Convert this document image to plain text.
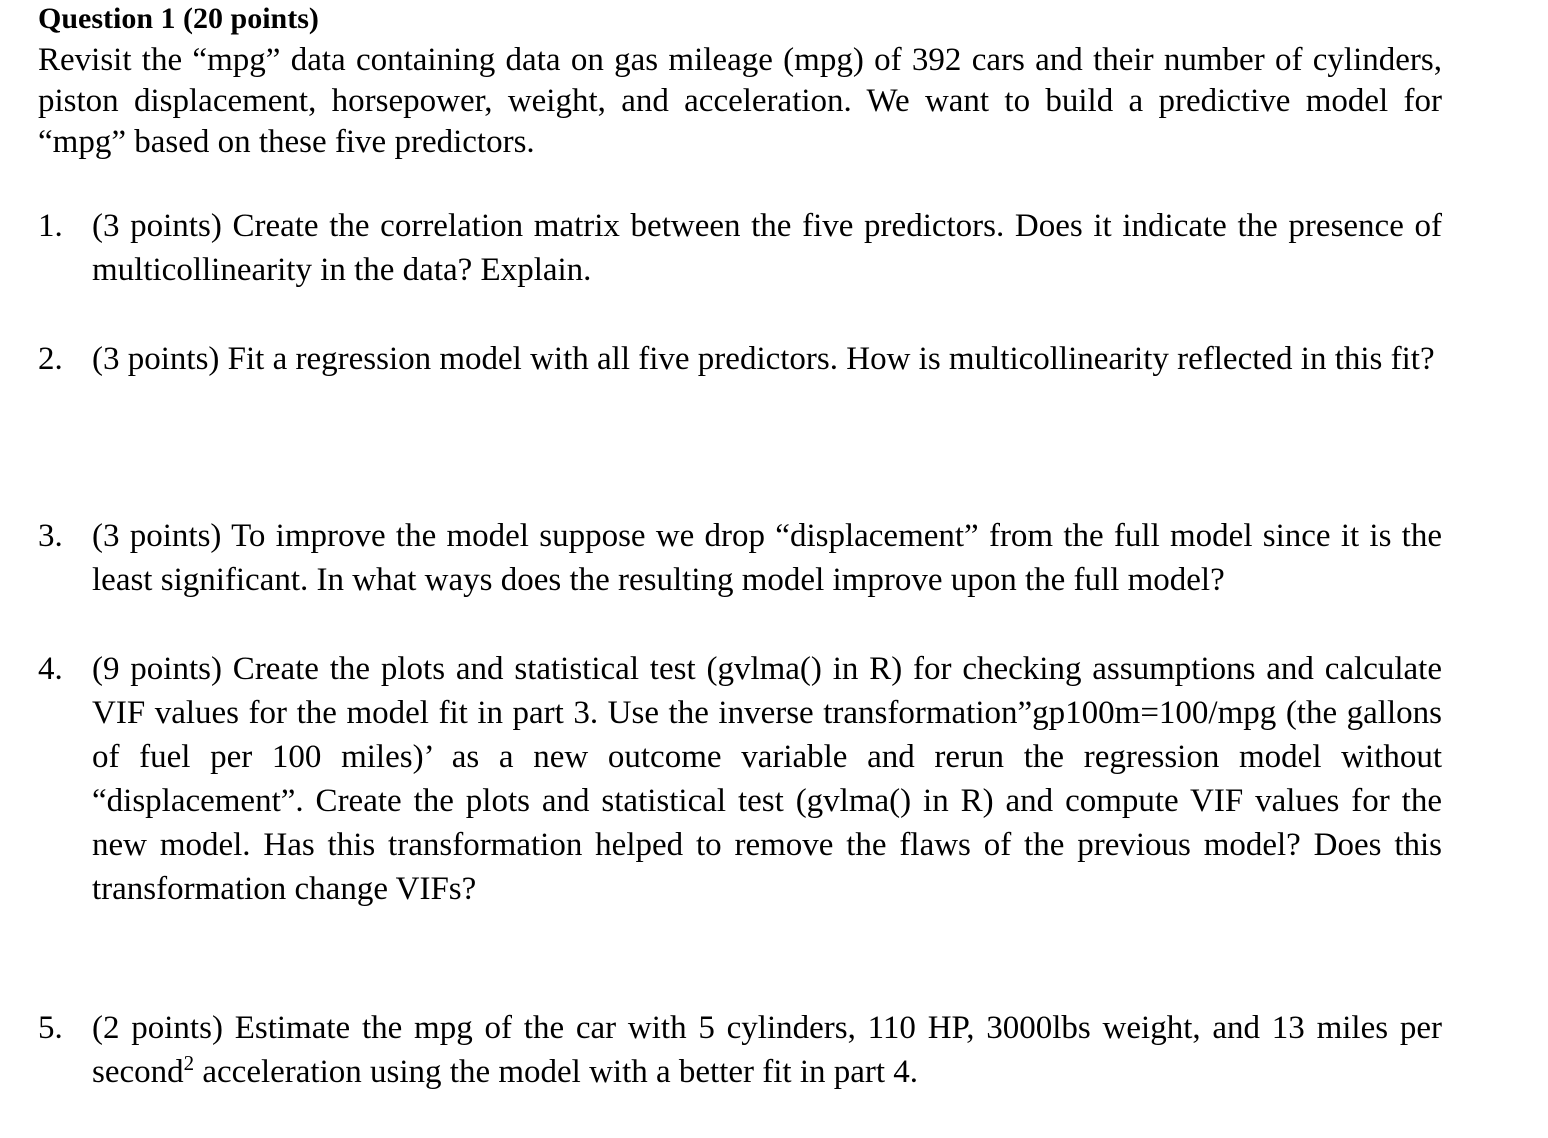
Question 1 (20 points)
Revisit the “mpg” data containing data on gas mileage (mpg) of 392 cars and their number of cylinders, piston displacement, horsepower, weight, and acceleration. We want to build a predictive model for “mpg” based on these five predictors.
1. (3 points) Create the correlation matrix between the five predictors. Does it indicate the presence of multicollinearity in the data? Explain.
2. (3 points) Fit a regression model with all five predictors. How is multicollinearity reflected in this fit?
3. (3 points) To improve the model suppose we drop “displacement” from the full model since it is the least significant. In what ways does the resulting model improve upon the full model?
4. (9 points) Create the plots and statistical test (gvlma() in R) for checking assumptions and calculate VIF values for the model fit in part 3. Use the inverse transformation”gp100m=100/mpg (the gallons of fuel per 100 miles)’ as a new outcome variable and rerun the regression model without “displacement”. Create the plots and statistical test (gvlma() in R) and compute VIF values for the new model. Has this transformation helped to remove the flaws of the previous model? Does this transformation change VIFs?
5. (2 points) Estimate the mpg of the car with 5 cylinders, 110 HP, 3000lbs weight, and 13 miles per second$^2$ acceleration using the model with a better fit in part 4.
